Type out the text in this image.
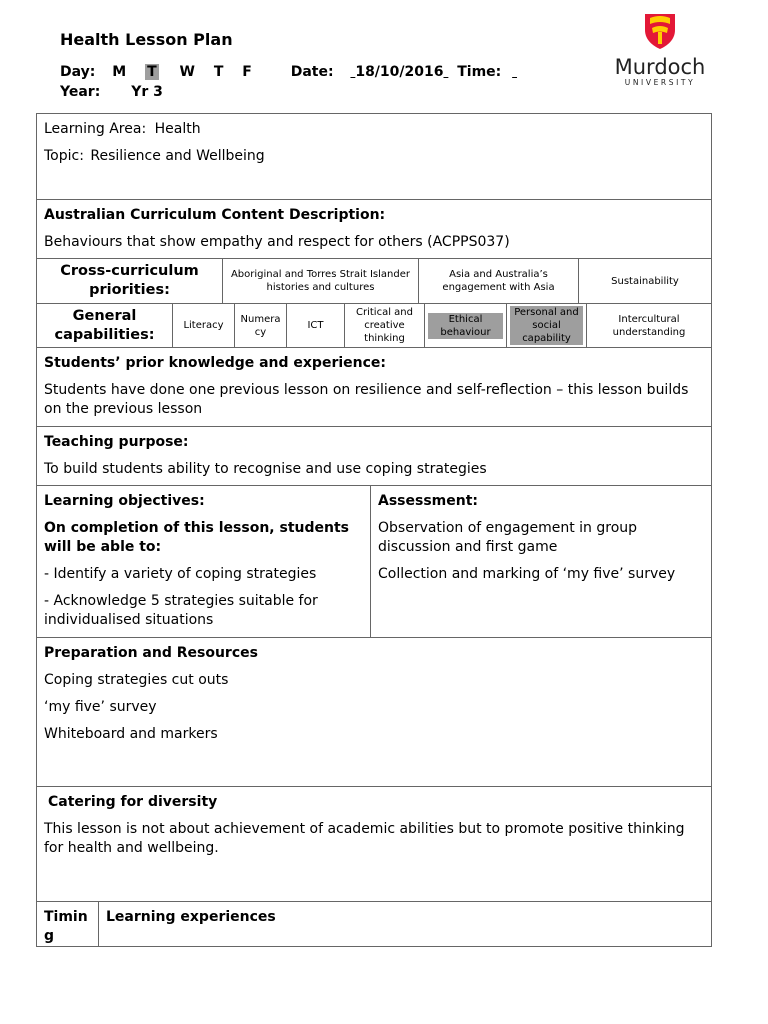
Health Lesson Plan
Day: M T W T F	Date: 18/10/2016 Time:
Year: Yr 3
Murdoch
UNIVERSITY

Learning Area: Health

Topic: Resilience and Wellbeing

Australian Curriculum Content Description:

Behaviours that show empathy and respect for others (ACPPS037)

Cross-curriculum priorities:
Aboriginal and Torres Strait Islander histories and cultures
Asia and Australia’s engagement with Asia
Sustainability
General capabilities:
Literacy
Numeracy
ICT
Critical and creative thinking
Ethical behaviour
Personal and social capability
Intercultural understanding

Students’ prior knowledge and experience:

Students have done one previous lesson on resilience and self-reflection – this lesson builds on the previous lesson

Teaching purpose:

To build students ability to recognise and use coping strategies

Learning objectives:

On completion of this lesson, students will be able to:

- Identify a variety of coping strategies

- Acknowledge 5 strategies suitable for individualised situations

Assessment:

Observation of engagement in group discussion and first game

Collection and marking of ‘my five’ survey

Preparation and Resources

Coping strategies cut outs

‘my five’ survey

Whiteboard and markers

Catering for diversity

This lesson is not about achievement of academic abilities but to promote positive thinking for health and wellbeing.

Timing
Learning experiences
